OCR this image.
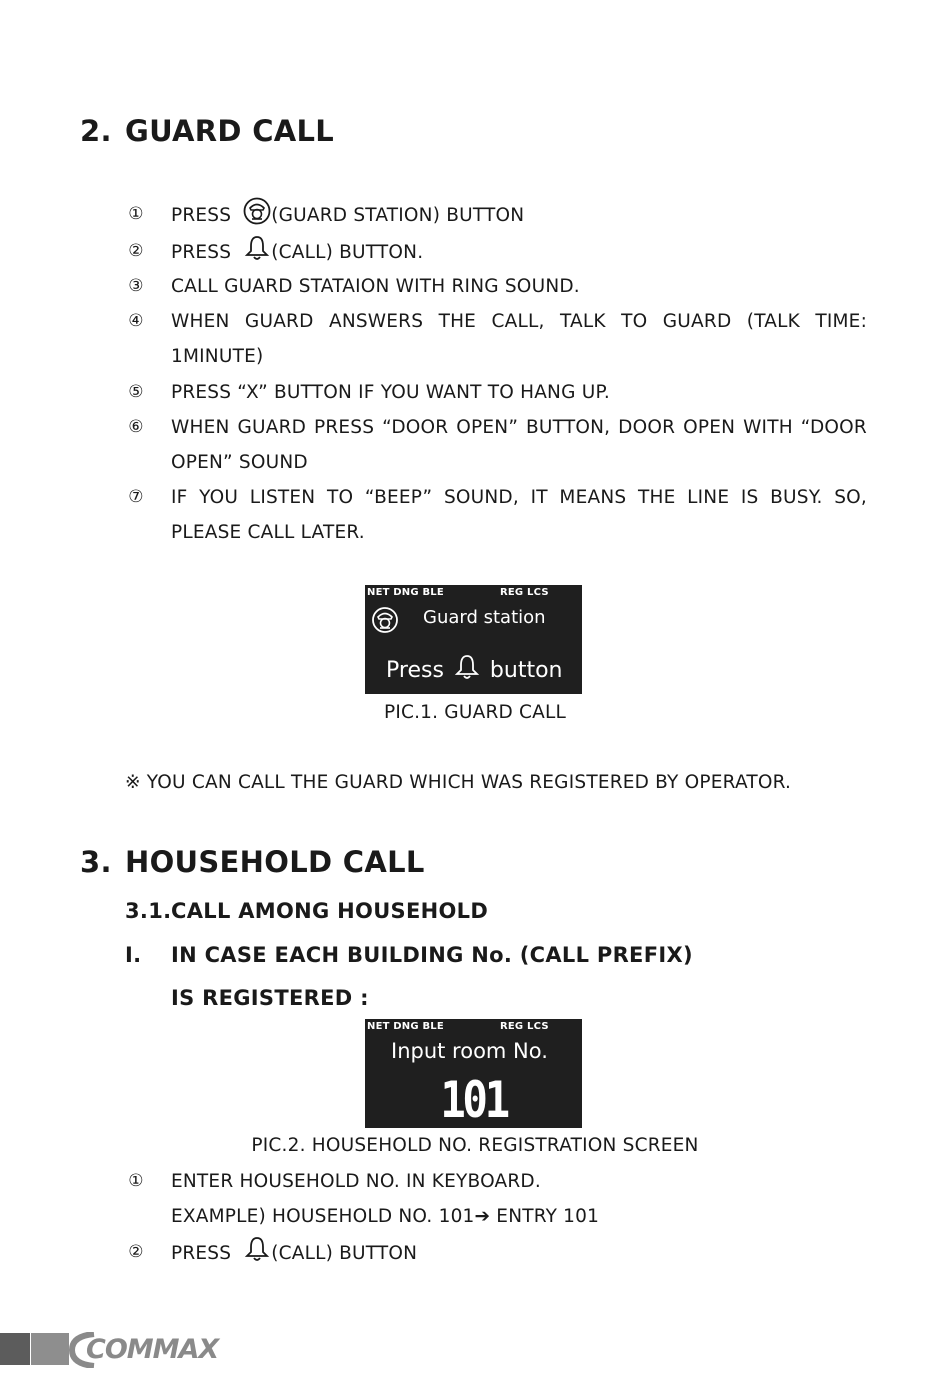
2. GUARD CALL
① PRESS (GUARD STATION) BUTTON
② PRESS (CALL) BUTTON.
③ CALL GUARD STATAION WITH RING SOUND.
④ WHEN GUARD ANSWERS THE CALL, TALK TO GUARD (TALK TIME: 1MINUTE)
⑤ PRESS “X” BUTTON IF YOU WANT TO HANG UP.
⑥ WHEN GUARD PRESS “DOOR OPEN” BUTTON, DOOR OPEN WITH “DOOR OPEN” SOUND
⑦ IF YOU LISTEN TO “BEEP” SOUND, IT MEANS THE LINE IS BUSY. SO, PLEASE CALL LATER.
NET DNG BLE	REG LCS
Guard station
Press button
PIC.1. GUARD CALL
※ YOU CAN CALL THE GUARD WHICH WAS REGISTERED BY OPERATOR.
3. HOUSEHOLD CALL
3.1.CALL AMONG HOUSEHOLD
I. IN CASE EACH BUILDING No. (CALL PREFIX)
IS REGISTERED :
NET DNG BLE	REG LCS
Input room No.
101
PIC.2. HOUSEHOLD NO. REGISTRATION SCREEN
① ENTER HOUSEHOLD NO. IN KEYBOARD.
EXAMPLE) HOUSEHOLD NO. 101➔ ENTRY 101
② PRESS (CALL) BUTTON
COMMAX
